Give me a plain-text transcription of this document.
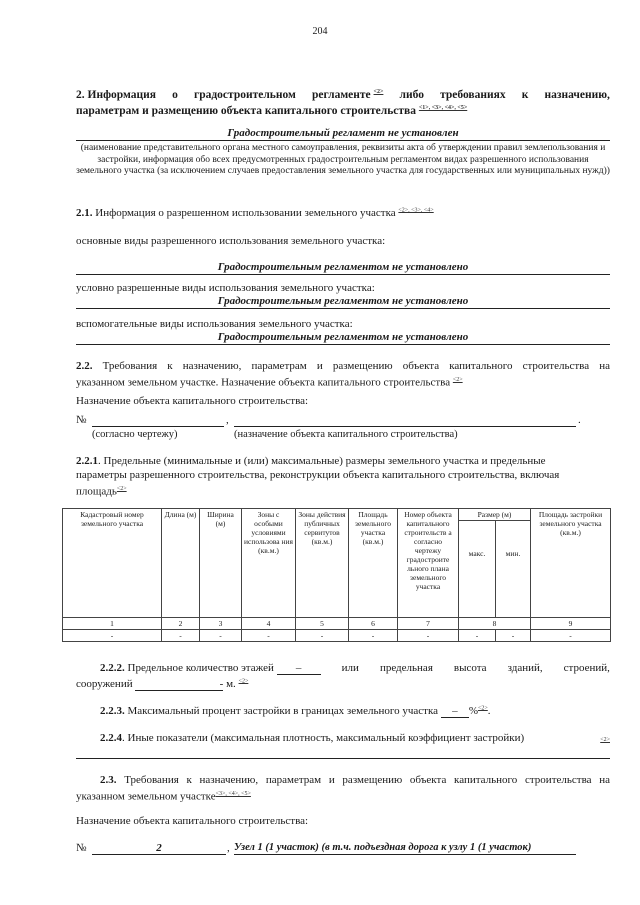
204
2. Информация о градостроительном регламенте $^{<2>}$ либо требованиях к назначению,
параметрам и размещению объекта капитального строительства $^{<1>, <3>, <4>, <5>}$
Градостроительный регламент не установлен
(наименование представительного органа местного самоуправления, реквизиты акта об утверждении правил землепользования и застройки, информация обо всех предусмотренных градостроительным регламентом видах разрешенного использования земельного участка (за исключением случаев предоставления земельного участка для государственных или муниципальных нужд))
2.1. Информация о разрешенном использовании земельного участка $^{<2>, <3>, <4>}$
основные виды разрешенного использования земельного участка:
Градостроительным регламентом не установлено
условно разрешенные виды использования земельного участка:
Градостроительным регламентом не установлено
вспомогательные виды использования земельного участка:
Градостроительным регламентом не установлено
2.2. Требования к назначению, параметрам и размещению объекта капитального строительства на
указанном земельном участке. Назначение объекта капитального строительства $^{<2>}$
Назначение объекта капитального строительства:
№	,	.
(согласно чертежу)	(назначение объекта капитального строительства)
2.2.1. Предельные (минимальные и (или) максимальные) размеры земельного участка и предельные
параметры разрешенного строительства, реконструкции объекта капитального строительства, включая
площадь$^{<2>}$
Кадастровый номер земельного участка	Длина (м)	Ширина (м)	Зоны с особыми условиями использова ния (кв.м.)	Зоны действия публичных сервитутов (кв.м.)	Площадь земельного участка (кв.м.)	Номер объекта капитального строительств а согласно чертежу градостроите льного плана земельного участка	Размер (м)		Площадь застройки земельного участка (кв.м.)
							макс.	мин.	
1	2	3	4	5	6	7	8		9
-	-	-	-	-	-	-	-	-	-
2.2.2. Предельное количество этажей –	или предельная высота зданий, строений,
сооружений	- м. $^{<2>}$
2.2.3. Максимальный процент застройки в границах земельного участка – %$^{<2>}$.
2.2.4. Иные показатели (максимальная плотность, максимальный коэффициент застройки)	<2>
2.3. Требования к назначению, параметрам и размещению объекта капитального строительства на
указанном земельном участке$^{<3>, <4>, <5>}$
Назначение объекта капитального строительства:
№	2	, Узел 1 (1 участок) (в т.ч. подъездная дорога к узлу 1 (1 участок)
